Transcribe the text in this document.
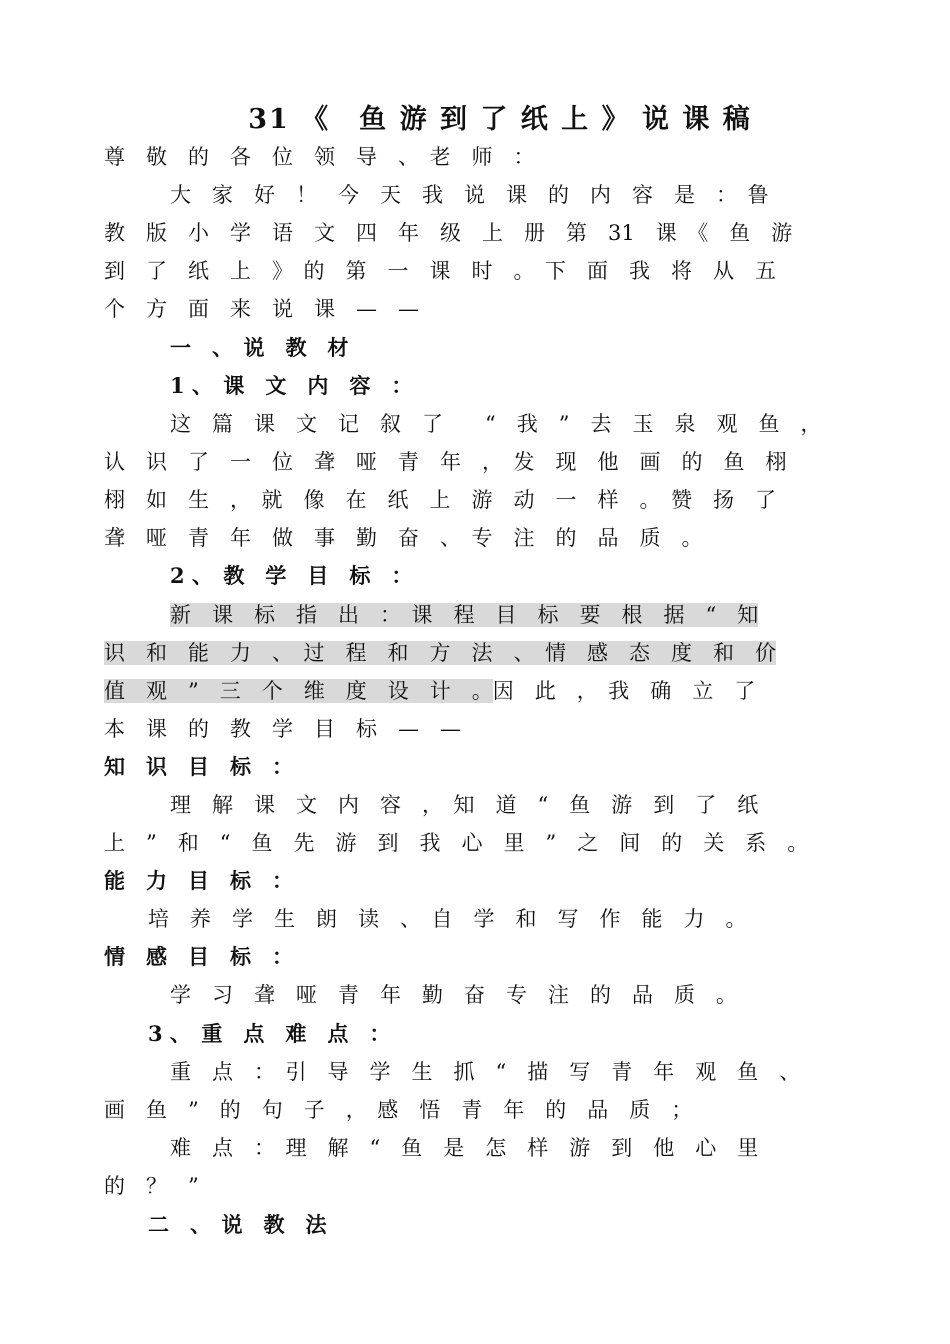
31 《　鱼 游 到 了 纸 上 》 说 课 稿
尊　敬　的　各　位　领　导　、　老　师　：
大　家　好　！　今　天　我　说　课　的　内　容　是　：　鲁
教　版　小　学　语　文　四　年　级　上　册　第　31　课　《　鱼　游
到　了　纸　上　》　的　第　一　课　时　。　下　面　我　将　从　五
个　方　面　来　说　课　—　—
一　、　说　教　材
1 、　课　文　内　容　：
这　篇　课　文　记　叙　了　　“　我　”　去　玉　泉　观　鱼　，
认　识　了　一　位　聋　哑　青　年　，　发　现　他　画　的　鱼　栩
栩　如　生　，　就　像　在　纸　上　游　动　一　样　。　赞　扬　了
聋　哑　青　年　做　事　勤　奋　、　专　注　的　品　质　。
2 、　教　学　目　标　：
新　课　标　指　出　：　课　程　目　标　要　根　据　“　知
识　和　能　力　、　过　程　和　方　法　、　情　感　态　度　和　价
值　观　”　三　个　维　度　设　计　。因　此　，　我　确　立　了
本　课　的　教　学　目　标　—　—
知　识　目　标　：
理　解　课　文　内　容　，　知　道　“　鱼　游　到　了　纸
上　”　和　“　鱼　先　游　到　我　心　里　”　之　间　的　关　系　。
能　力　目　标　：
培　养　学　生　朗　读　、　自　学　和　写　作　能　力　。
情　感　目　标　：
学　习　聋　哑　青　年　勤　奋　专　注　的　品　质　。
3 、　重　点　难　点　：
重　点　：　引　导　学　生　抓　“　描　写　青　年　观　鱼　、
画　鱼　”　的　句　子　，　感　悟　青　年　的　品　质　；
难　点　：　理　解　“　鱼　是　怎　样　游　到　他　心　里
的　？　”
二　、　说　教　法
